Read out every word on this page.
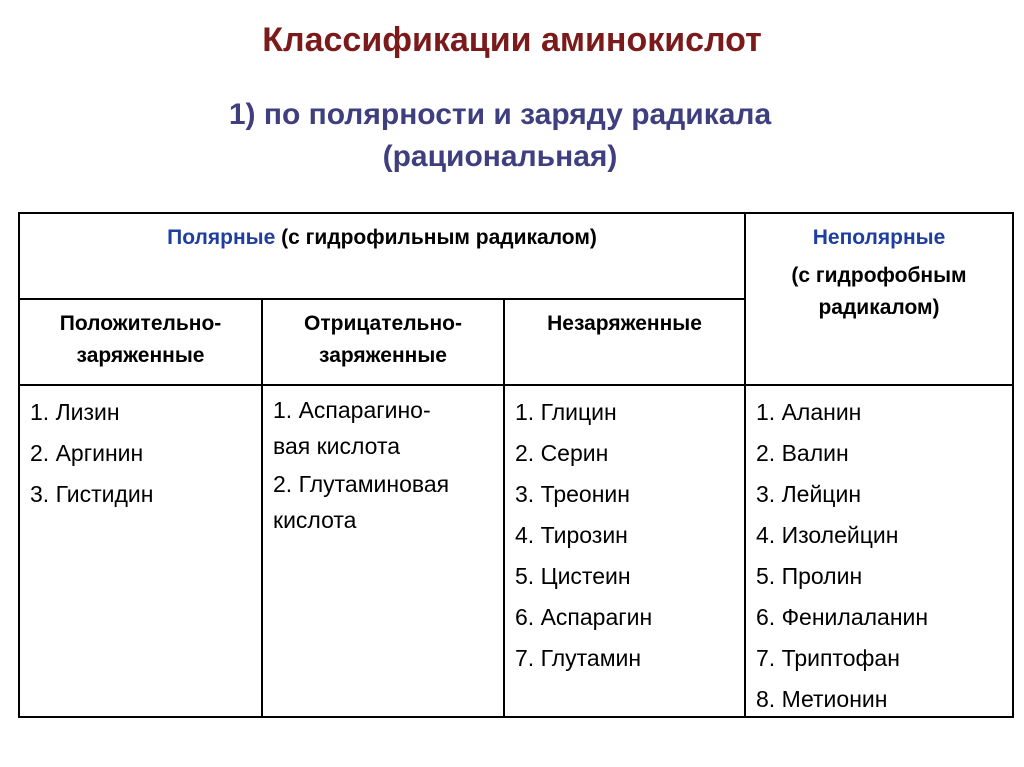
Классификации аминокислот
1) по полярности и заряду радикала
(рациональная)
Полярные (с гидрофильным радикалом)	Неполярные
(с гидрофобным
радикалом)
Положительно-
заряженные
Отрицательно-
заряженные
Незаряженные
1. Лизин
2. Аргинин
3. Гистидин
1. Аспарагино-
вая кислота
2. Глутаминовая
кислота
1. Глицин
2. Серин
3. Треонин
4. Тирозин
5. Цистеин
6. Аспарагин
7. Глутамин
1. Аланин
2. Валин
3. Лейцин
4. Изолейцин
5. Пролин
6. Фенилаланин
7. Триптофан
8. Метионин
